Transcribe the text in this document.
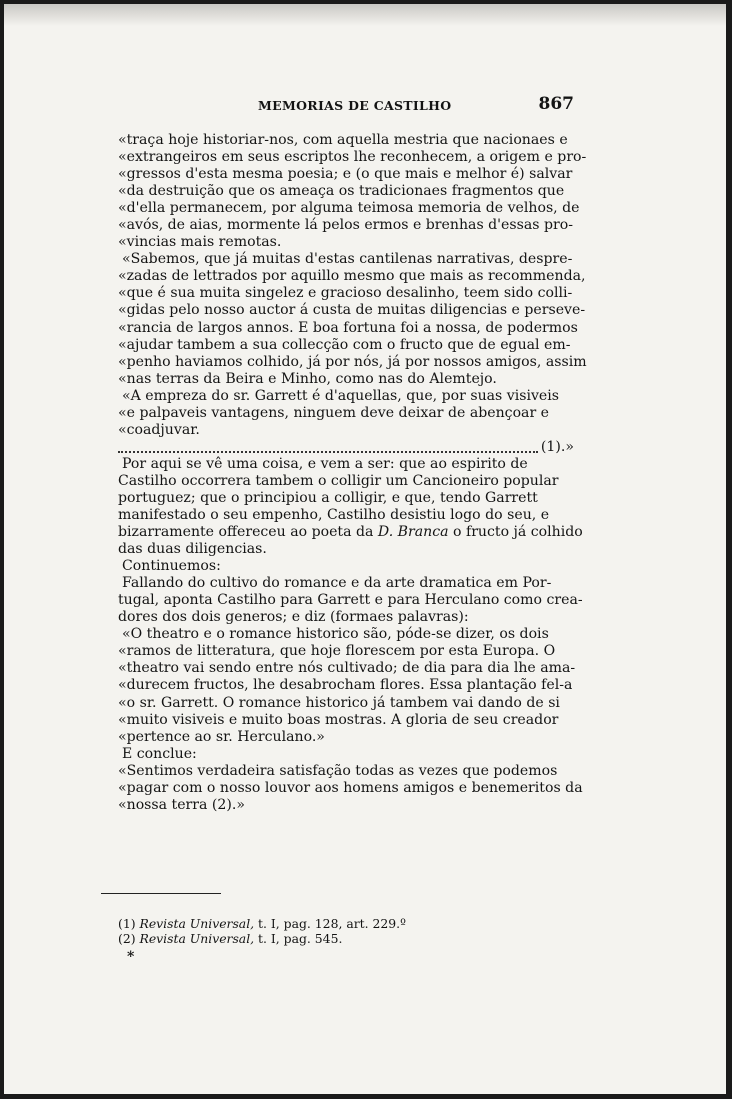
MEMORIAS DE CASTILHO	867
«traça hoje historiar-nos, com aquella mestria que nacionaes e
«extrangeiros em seus escriptos lhe reconhecem, a origem e pro-
«gressos d'esta mesma poesia; e (o que mais e melhor é) salvar
«da destruição que os ameaça os tradicionaes fragmentos que
«d'ella permanecem, por alguma teimosa memoria de velhos, de
«avós, de aias, mormente lá pelos ermos e brenhas d'essas pro-
«vincias mais remotas.
«Sabemos, que já muitas d'estas cantilenas narrativas, despre-
«zadas de lettrados por aquillo mesmo que mais as recommenda,
«que é sua muita singelez e gracioso desalinho, teem sido colli-
«gidas pelo nosso auctor á custa de muitas diligencias e perseve-
«rancia de largos annos. E boa fortuna foi a nossa, de podermos
«ajudar tambem a sua collecção com o fructo que de egual em-
«penho haviamos colhido, já por nós, já por nossos amigos, assim
«nas terras da Beira e Minho, como nas do Alemtejo.
«A empreza do sr. Garrett é d'aquellas, que, por suas visiveis
«e palpaveis vantagens, ninguem deve deixar de abençoar e
«coadjuvar.
(1).»
Por aqui se vê uma coisa, e vem a ser: que ao espirito de
Castilho occorrera tambem o colligir um Cancioneiro popular
portuguez; que o principiou a colligir, e que, tendo Garrett
manifestado o seu empenho, Castilho desistiu logo do seu, e
bizarramente offereceu ao poeta da D. Branca o fructo já colhido
das duas diligencias.
Continuemos:
Fallando do cultivo do romance e da arte dramatica em Por-
tugal, aponta Castilho para Garrett e para Herculano como crea-
dores dos dois generos; e diz (formaes palavras):
«O theatro e o romance historico são, póde-se dizer, os dois
«ramos de litteratura, que hoje florescem por esta Europa. O
«theatro vai sendo entre nós cultivado; de dia para dia lhe ama-
«durecem fructos, lhe desabrocham flores. Essa plantação fel-a
«o sr. Garrett. O romance historico já tambem vai dando de si
«muito visiveis e muito boas mostras. A gloria de seu creador
«pertence ao sr. Herculano.»
E conclue:
«Sentimos verdadeira satisfação todas as vezes que podemos
«pagar com o nosso louvor aos homens amigos e benemeritos da
«nossa terra (2).»
(1) Revista Universal, t. I, pag. 128, art. 229.º
(2) Revista Universal, t. I, pag. 545.
*
